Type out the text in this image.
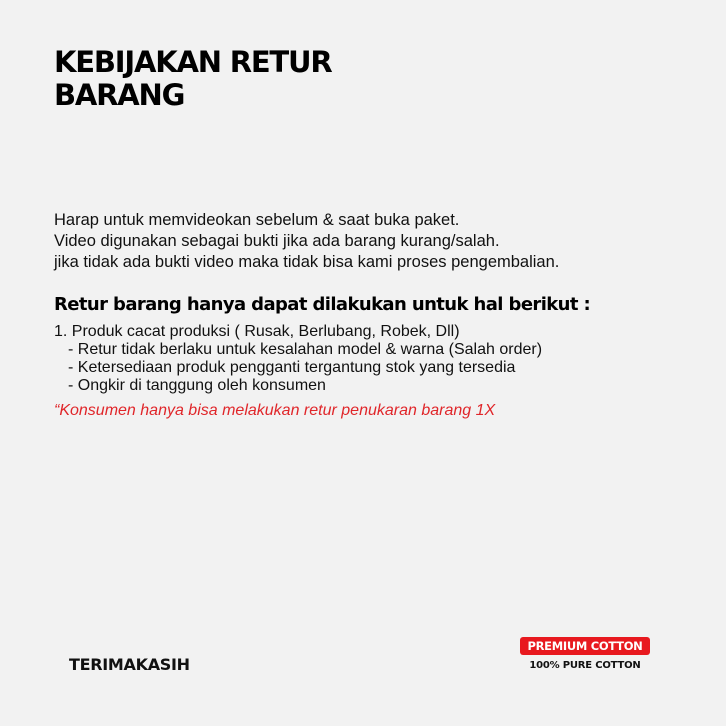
KEBIJAKAN RETUR
BARANG
Harap untuk memvideokan sebelum & saat buka paket.
Video digunakan sebagai bukti jika ada barang kurang/salah.
jika tidak ada bukti video maka tidak bisa kami proses pengembalian.
Retur barang hanya dapat dilakukan untuk hal berikut :
1. Produk cacat produksi ( Rusak, Berlubang, Robek, Dll)
- Retur tidak berlaku untuk kesalahan model & warna (Salah order)
- Ketersediaan produk pengganti tergantung stok yang tersedia
- Ongkir di tanggung oleh konsumen
“Konsumen hanya bisa melakukan retur penukaran barang 1X
TERIMAKASIH
PREMIUM COTTON
100% PURE COTTON
